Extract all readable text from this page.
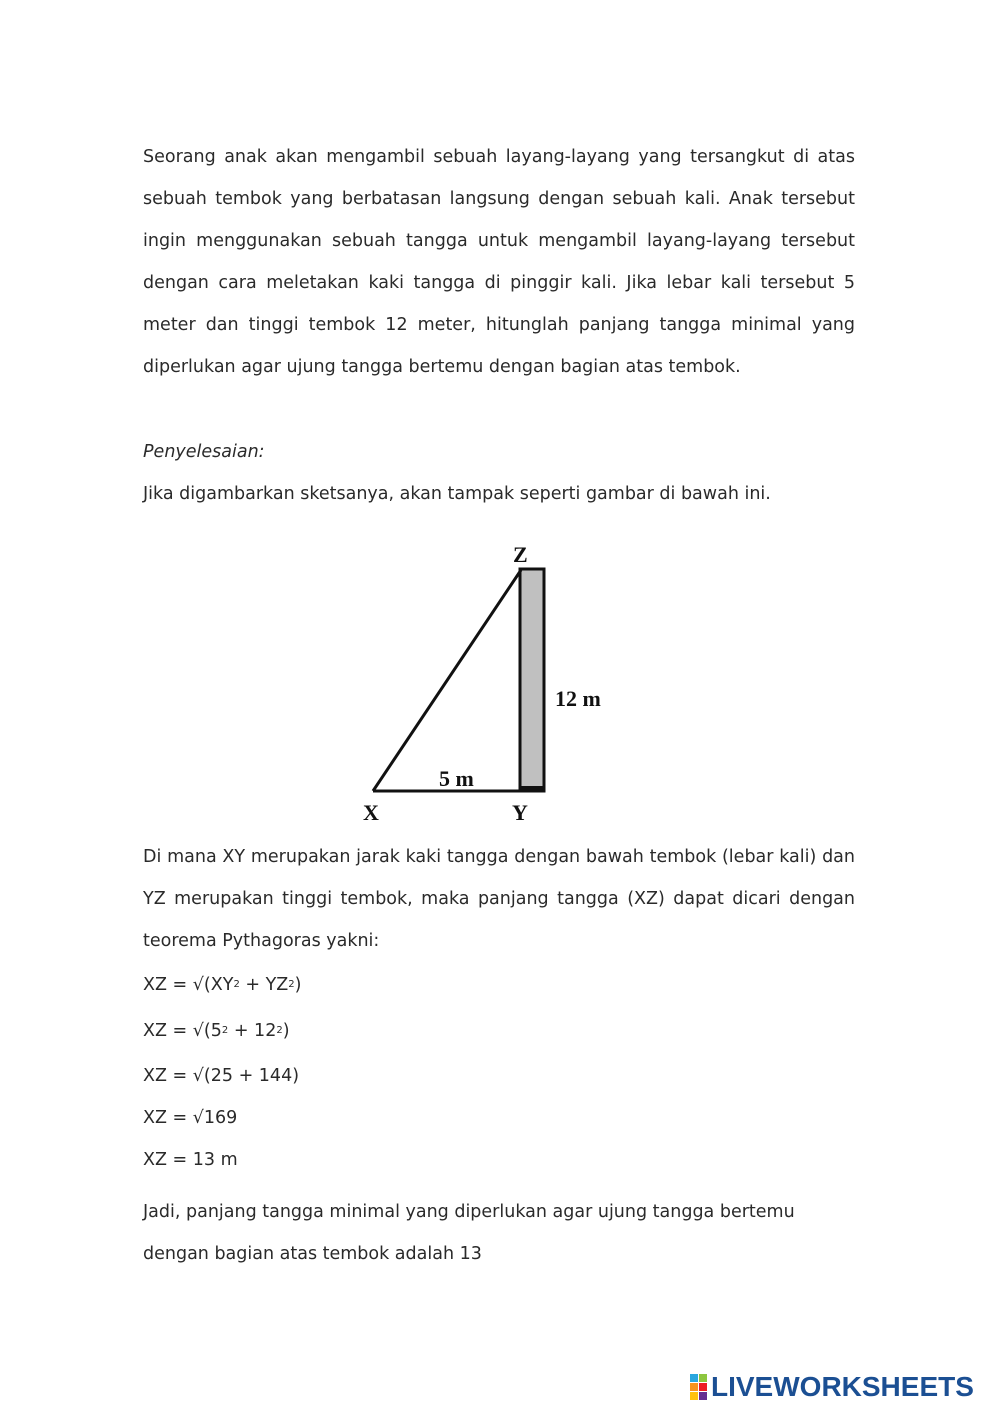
Seorang anak akan mengambil sebuah layang-layang yang tersangkut di atas sebuah tembok yang berbatasan langsung dengan sebuah kali. Anak tersebut ingin menggunakan sebuah tangga untuk mengambil layang-layang tersebut dengan cara meletakan kaki tangga di pinggir kali. Jika lebar kali tersebut 5 meter dan tinggi tembok 12 meter, hitunglah panjang tangga minimal yang diperlukan agar ujung tangga bertemu dengan bagian atas tembok.

Penyelesaian:

Jika digambarkan sketsanya, akan tampak seperti gambar di bawah ini.

Z
X	Y
12 m
5 m

Di mana XY merupakan jarak kaki tangga dengan bawah tembok (lebar kali) dan YZ merupakan tinggi tembok, maka panjang tangga (XZ) dapat dicari dengan teorema Pythagoras yakni:

XZ = $√(XY^2 + YZ^2)$

XZ = $√(5^2 + 12^2)$

XZ = √(25 + 144)

XZ = √169

XZ = 13 m

Jadi, panjang tangga minimal yang diperlukan agar ujung tangga bertemu dengan bagian atas tembok adalah 13

LIVEWORKSHEETS
